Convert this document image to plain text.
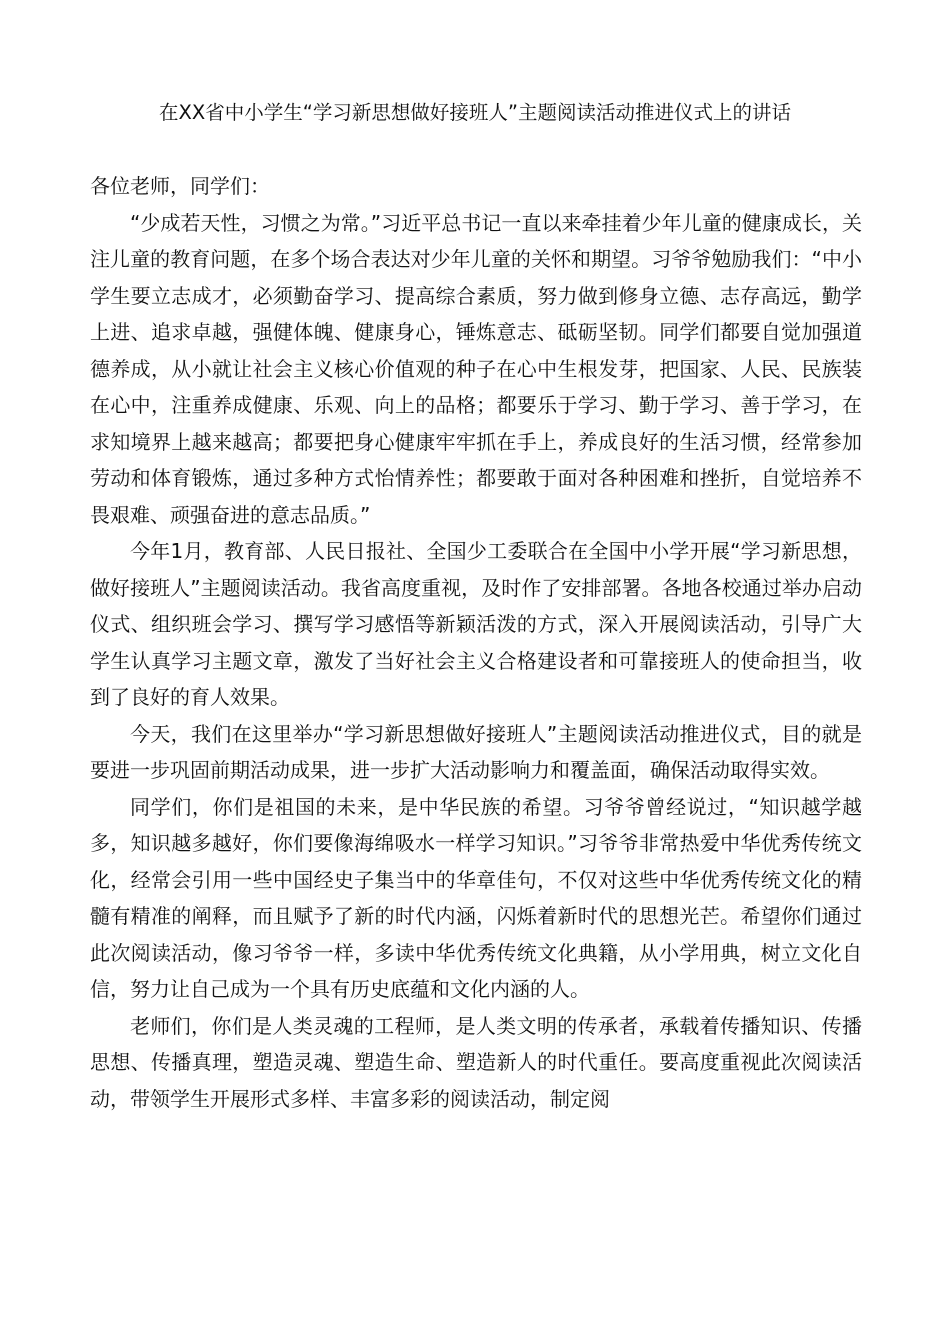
在XX省中小学生“学习新思想做好接班人”主题阅读活动推进仪式上的讲话

各位老师，同学们：

“少成若天性，习惯之为常。”习近平总书记一直以来牵挂着少年儿童的健康成长，关注儿童的教育问题，在多个场合表达对少年儿童的关怀和期望。习爷爷勉励我们：“中小学生要立志成才，必须勤奋学习、提高综合素质，努力做到修身立德、志存高远，勤学上进、追求卓越，强健体魄、健康身心，锤炼意志、砥砺坚韧。同学们都要自觉加强道德养成，从小就让社会主义核心价值观的种子在心中生根发芽，把国家、人民、民族装在心中，注重养成健康、乐观、向上的品格；都要乐于学习、勤于学习、善于学习，在求知境界上越来越高；都要把身心健康牢牢抓在手上，养成良好的生活习惯，经常参加劳动和体育锻炼，通过多种方式怡情养性；都要敢于面对各种困难和挫折，自觉培养不畏艰难、顽强奋进的意志品质。”

今年1月，教育部、人民日报社、全国少工委联合在全国中小学开展“学习新思想，做好接班人”主题阅读活动。我省高度重视，及时作了安排部署。各地各校通过举办启动仪式、组织班会学习、撰写学习感悟等新颖活泼的方式，深入开展阅读活动，引导广大学生认真学习主题文章，激发了当好社会主义合格建设者和可靠接班人的使命担当，收到了良好的育人效果。

今天，我们在这里举办“学习新思想做好接班人”主题阅读活动推进仪式，目的就是要进一步巩固前期活动成果，进一步扩大活动影响力和覆盖面，确保活动取得实效。

同学们，你们是祖国的未来，是中华民族的希望。习爷爷曾经说过，“知识越学越多，知识越多越好，你们要像海绵吸水一样学习知识。”习爷爷非常热爱中华优秀传统文化，经常会引用一些中国经史子集当中的华章佳句，不仅对这些中华优秀传统文化的精髓有精准的阐释，而且赋予了新的时代内涵，闪烁着新时代的思想光芒。希望你们通过此次阅读活动，像习爷爷一样，多读中华优秀传统文化典籍，从小学用典，树立文化自信，努力让自己成为一个具有历史底蕴和文化内涵的人。

老师们，你们是人类灵魂的工程师，是人类文明的传承者，承载着传播知识、传播思想、传播真理，塑造灵魂、塑造生命、塑造新人的时代重任。要高度重视此次阅读活动，带领学生开展形式多样、丰富多彩的阅读活动，制定阅
